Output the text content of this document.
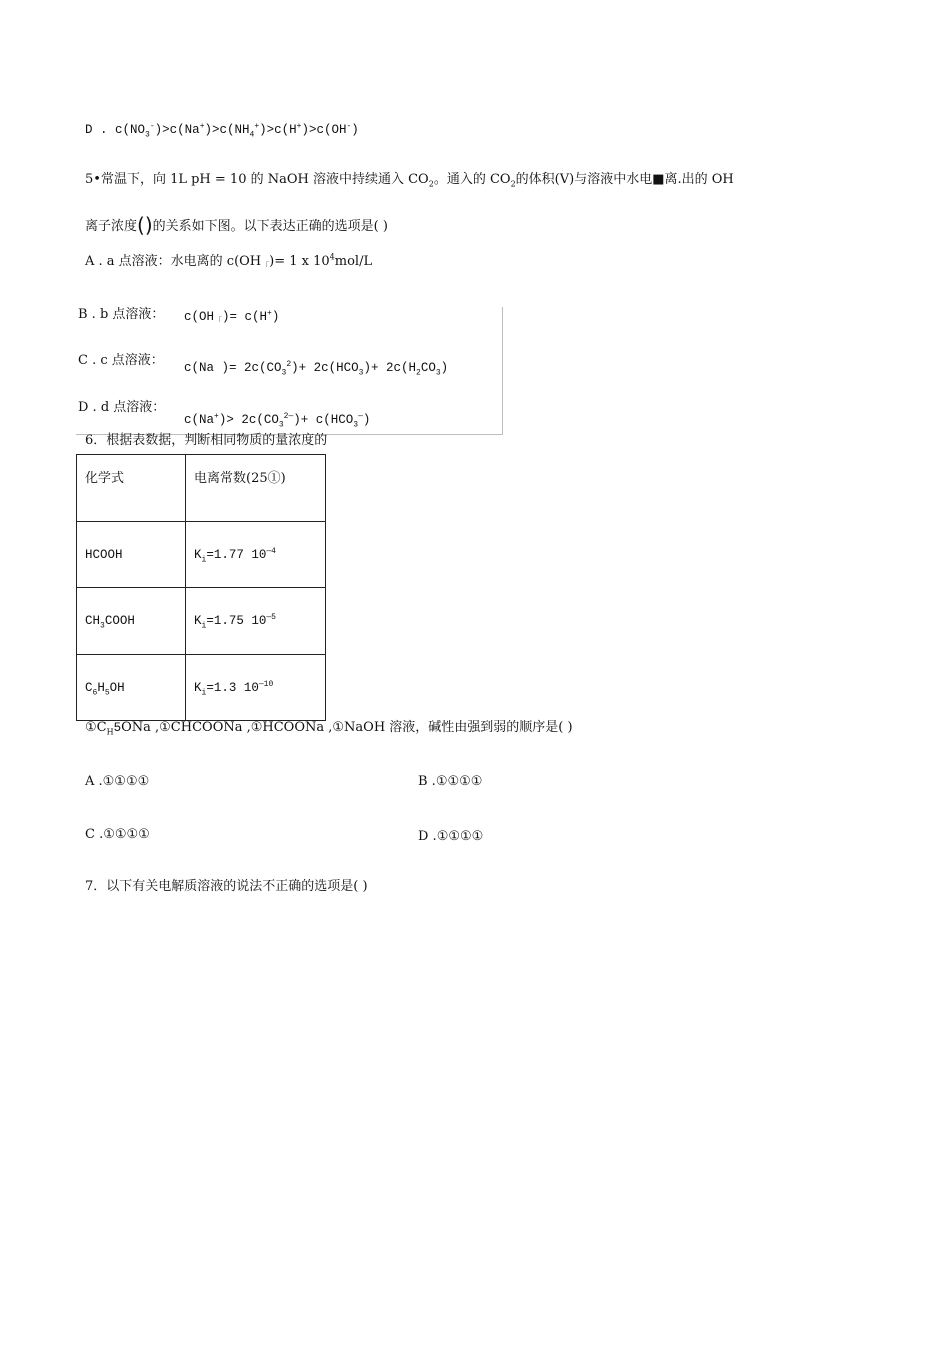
D . $c(NO_3^-)>c(Na^+)>c(NH_4^+)>c(H^+)>c(OH^-)$
5•常温下，向 1L pH = 10 的 NaOH 溶液中持续通入 $CO_2$。通入的 $CO_2$的体积(V)与溶液中水电■离.出的 OH
离子浓度()的关系如下图。以下表达正确的选项是( )
A . a 点溶液：水电离的 $c(OH_「)= 1$ x $10^4mol/L$
B . b 点溶液： $c(OH_「)= c(H^+)$
C . c 点溶液：	c(Na )= $2c(CO_3^2)+ 2c(HCO_3)+ 2c(H_2CO_3)$
D . d 点溶液：
$c(Na^+)> 2c(CO_3^{2—})+ c(HCO_3^—)$
6．根据表数据，判断相同物质的量浓度的
化学式	电离常数(25①)
HCOOH	$K_i=1.77$ $10^{—4}$
$CH_3COOH$	$K_i=1.75$ $10^{—5}$
$C_6H_5OH$	$K_i=1.3$ $10^{—10}$
$①C_H5ONa$ ,①CHCOONa ,①HCOONa ,①NaOH 溶液，碱性由强到弱的顺序是( )
A .①①①①	B .①①①①
C .①①①①	D .①①①①
7．以下有关电解质溶液的说法不正确的选项是( )
